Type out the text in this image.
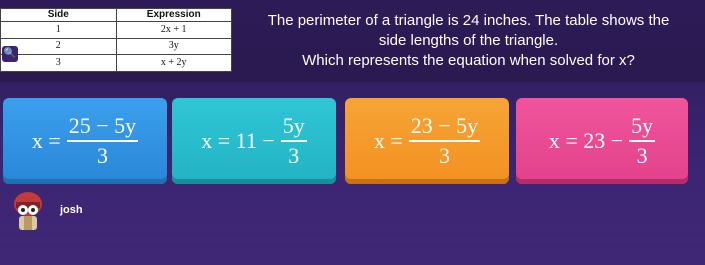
Side	Expression
1	2x + 1
2	3y
3	x + 2y
🔍
The perimeter of a triangle is 24 inches. The table shows the
side lengths of the triangle.
Which represents the equation when solved for x?
$x = \frac{25 - 5y}{3}$	$x = 11 - \frac{5y}{3}$	$x = \frac{23 - 5y}{3}$	$x = 23 - \frac{5y}{3}$
josh
